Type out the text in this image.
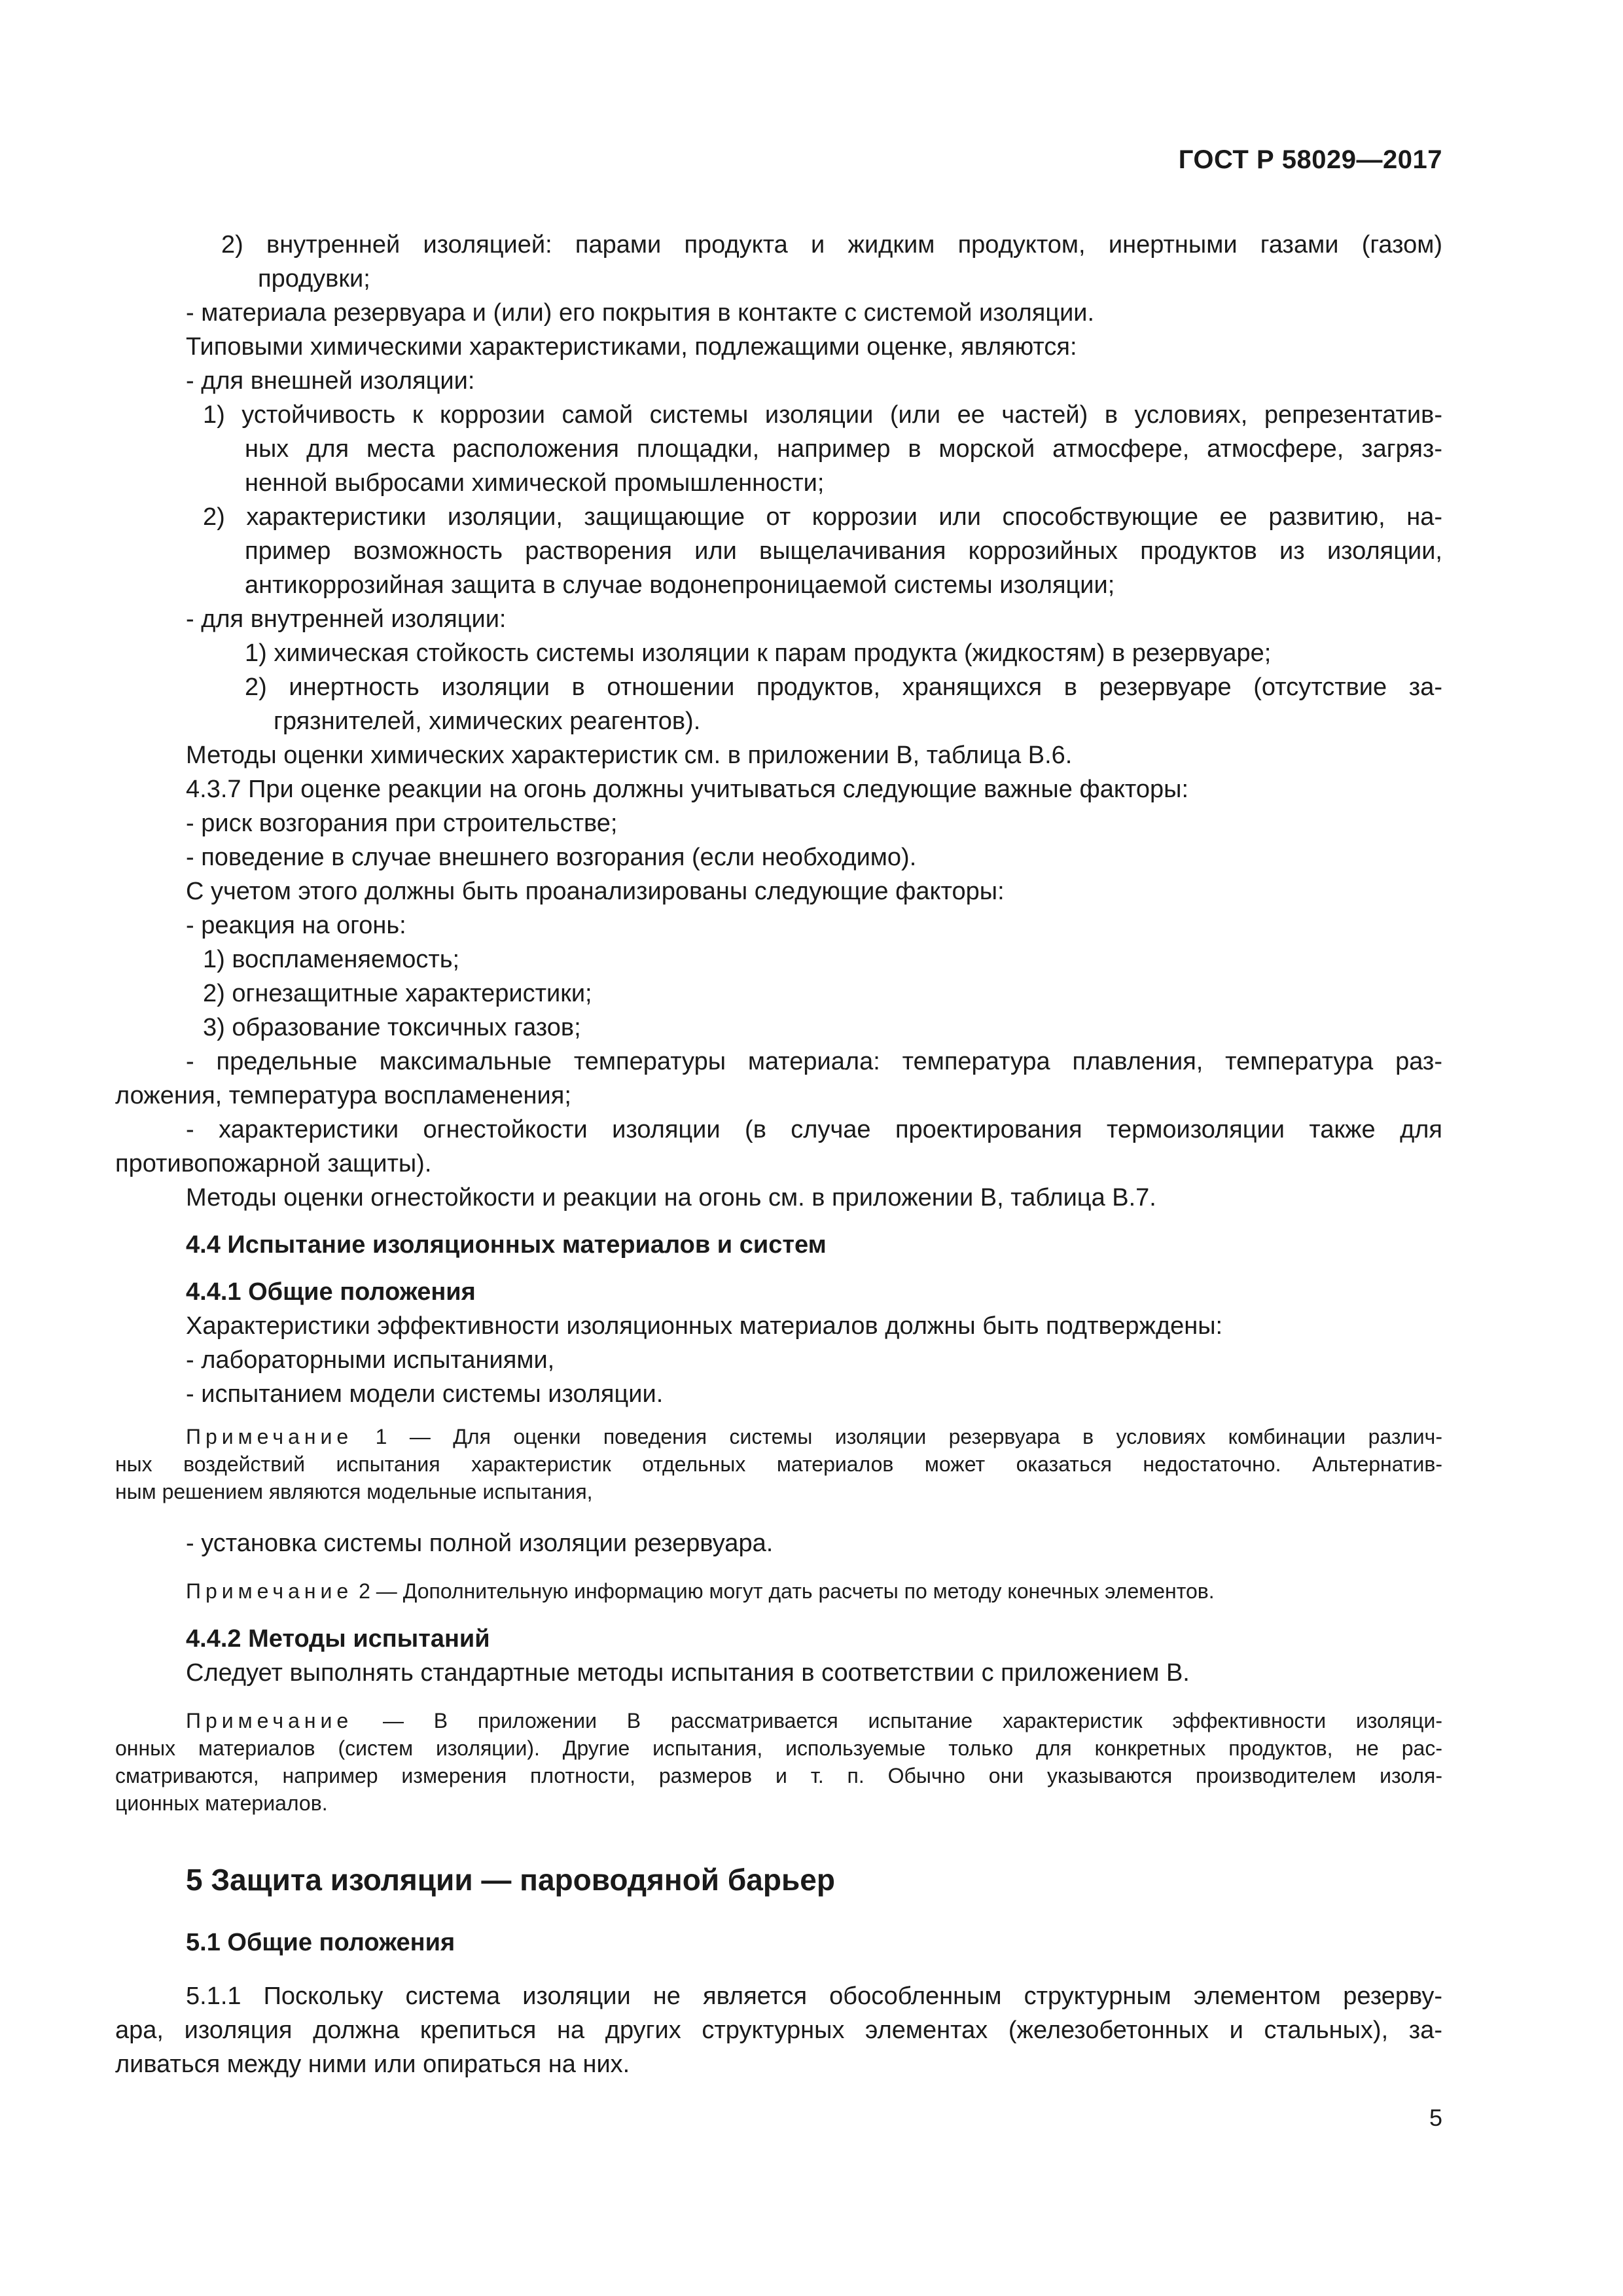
ГОСТ Р 58029—2017
2) внутренней изоляцией: парами продукта и жидким продуктом, инертными газами (газом)
продувки;
- материала резервуара и (или) его покрытия в контакте с системой изоляции.
Типовыми химическими характеристиками, подлежащими оценке, являются:
- для внешней изоляции:
1) устойчивость к коррозии самой системы изоляции (или ее частей) в условиях, репрезентатив-
ных для места расположения площадки, например в морской атмосфере, атмосфере, загряз-
ненной выбросами химической промышленности;
2) характеристики изоляции, защищающие от коррозии или способствующие ее развитию, на-
пример возможность растворения или выщелачивания коррозийных продуктов из изоляции,
антикоррозийная защита в случае водонепроницаемой системы изоляции;
- для внутренней изоляции:
1) химическая стойкость системы изоляции к парам продукта (жидкостям) в резервуаре;
2) инертность изоляции в отношении продуктов, хранящихся в резервуаре (отсутствие за-
грязнителей, химических реагентов).
Методы оценки химических характеристик см. в приложении В, таблица В.6.
4.3.7 При оценке реакции на огонь должны учитываться следующие важные факторы:
- риск возгорания при строительстве;
- поведение в случае внешнего возгорания (если необходимо).
С учетом этого должны быть проанализированы следующие факторы:
- реакция на огонь:
1) воспламеняемость;
2) огнезащитные характеристики;
3) образование токсичных газов;
- предельные максимальные температуры материала: температура плавления, температура раз-
ложения, температура воспламенения;
- характеристики огнестойкости изоляции (в случае проектирования термоизоляции также для
противопожарной защиты).
Методы оценки огнестойкости и реакции на огонь см. в приложении В, таблица В.7.
4.4 Испытание изоляционных материалов и систем
4.4.1 Общие положения
Характеристики эффективности изоляционных материалов должны быть подтверждены:
- лабораторными испытаниями,
- испытанием модели системы изоляции.
Примечание 1 — Для оценки поведения системы изоляции резервуара в условиях комбинации различ-
ных воздействий испытания характеристик отдельных материалов может оказаться недостаточно. Альтернатив-
ным решением являются модельные испытания,
- установка системы полной изоляции резервуара.
Примечание 2 — Дополнительную информацию могут дать расчеты по методу конечных элементов.
4.4.2 Методы испытаний
Следует выполнять стандартные методы испытания в соответствии с приложением В.
Примечание — В приложении В рассматривается испытание характеристик эффективности изоляци-
онных материалов (систем изоляции). Другие испытания, используемые только для конкретных продуктов, не рас-
сматриваются, например измерения плотности, размеров и т. п. Обычно они указываются производителем изоля-
ционных материалов.
5 Защита изоляции — пароводяной барьер
5.1 Общие положения
5.1.1 Поскольку система изоляции не является обособленным структурным элементом резерву-
ара, изоляция должна крепиться на других структурных элементах (железобетонных и стальных), за-
ливаться между ними или опираться на них.
5
